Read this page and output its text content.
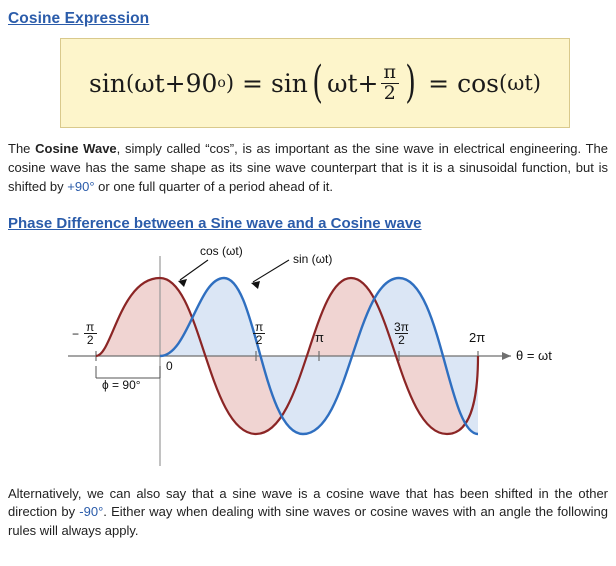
Cosine Expression
sin ( ωt+90 o ) = sin ( $\omega t+ \frac{\pi}{2}$ ) = cos (ωt)

The Cosine Wave, simply called “cos”, is as important as the sine wave in electrical engineering. The cosine wave has the same shape as its sine wave counterpart that is it is a sinusoidal function, but is shifted by +90° or one full quarter of a period ahead of it.

Phase Difference between a Sine wave and a Cosine wave
cos (ωt)
sin (ωt)
θ = ωt
0
ϕ = 90°
− $\frac{\pi}{2}$	$\frac{\pi}{2}$	π	$\frac{3\pi}{2}$	2π

Alternatively, we can also say that a sine wave is a cosine wave that has been shifted in the other direction by -90°. Either way when dealing with sine waves or cosine waves with an angle the following rules will always apply.
